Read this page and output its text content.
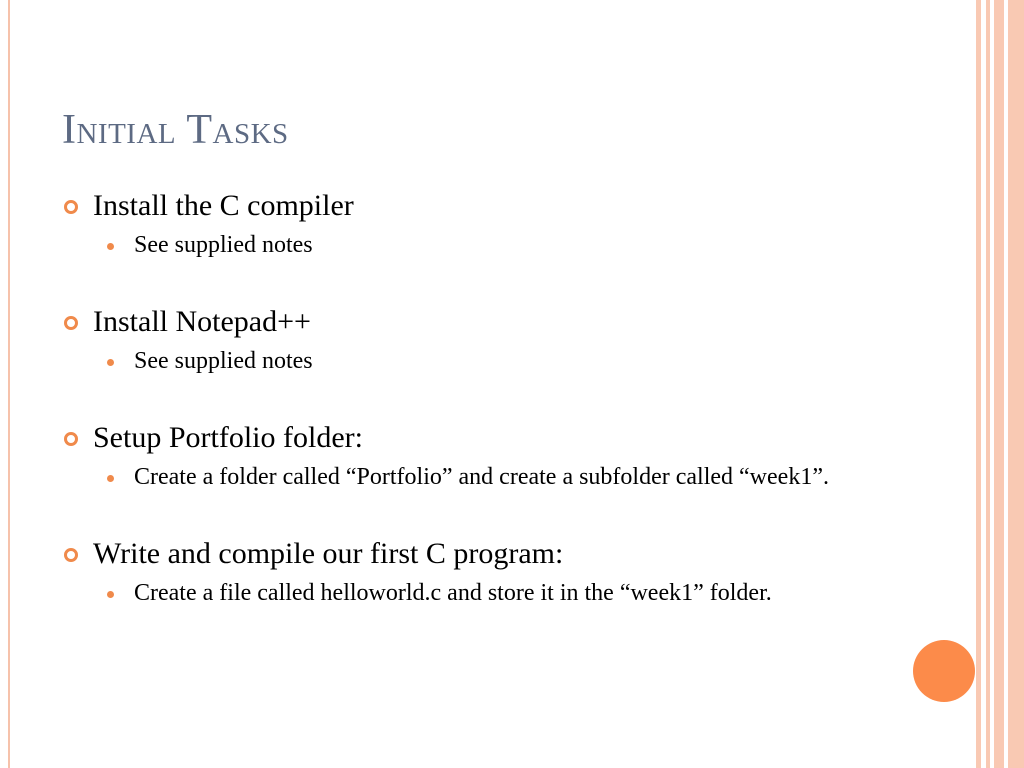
Initial Tasks
Install the C compiler
See supplied notes
Install Notepad++
See supplied notes
Setup Portfolio folder:
Create a folder called “Portfolio” and create a subfolder called “week1”.
Write and compile our first C program:
Create a file called helloworld.c and store it in the “week1” folder.
